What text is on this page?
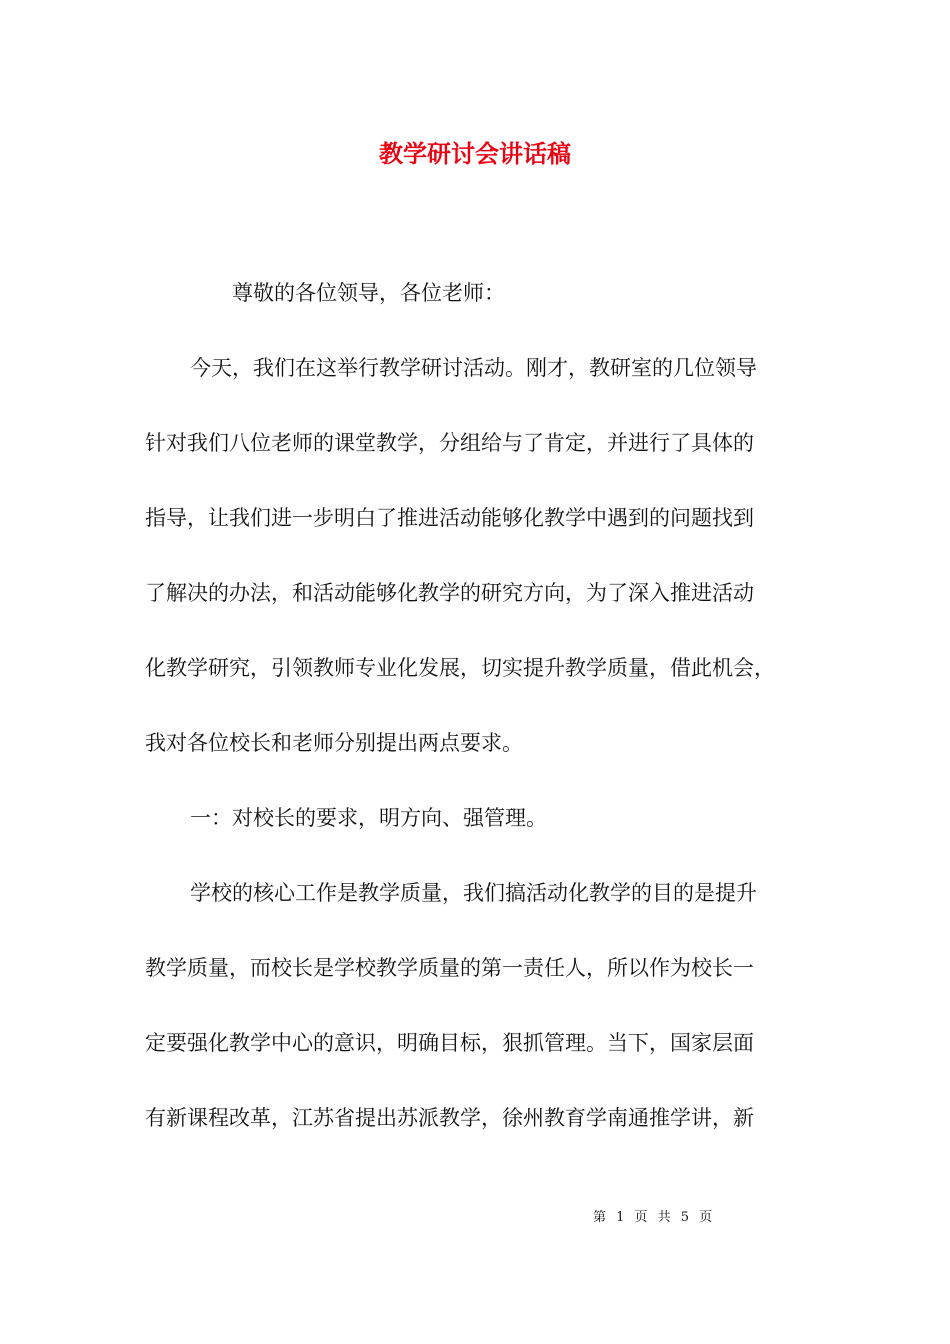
教学研讨会讲话稿
尊敬的各位领导，各位老师：
今天，我们在这举行教学研讨活动。刚才，教研室的几位领导
针对我们八位老师的课堂教学，分组给与了肯定，并进行了具体的
指导，让我们进一步明白了推进活动能够化教学中遇到的问题找到
了解决的办法，和活动能够化教学的研究方向，为了深入推进活动
化教学研究，引领教师专业化发展，切实提升教学质量，借此机会，
我对各位校长和老师分别提出两点要求。
一：对校长的要求，明方向、强管理。
学校的核心工作是教学质量，我们搞活动化教学的目的是提升
教学质量，而校长是学校教学质量的第一责任人，所以作为校长一
定要强化教学中心的意识，明确目标，狠抓管理。当下，国家层面
有新课程改革，江苏省提出苏派教学，徐州教育学南通推学讲，新
第 1 页 共 5 页
